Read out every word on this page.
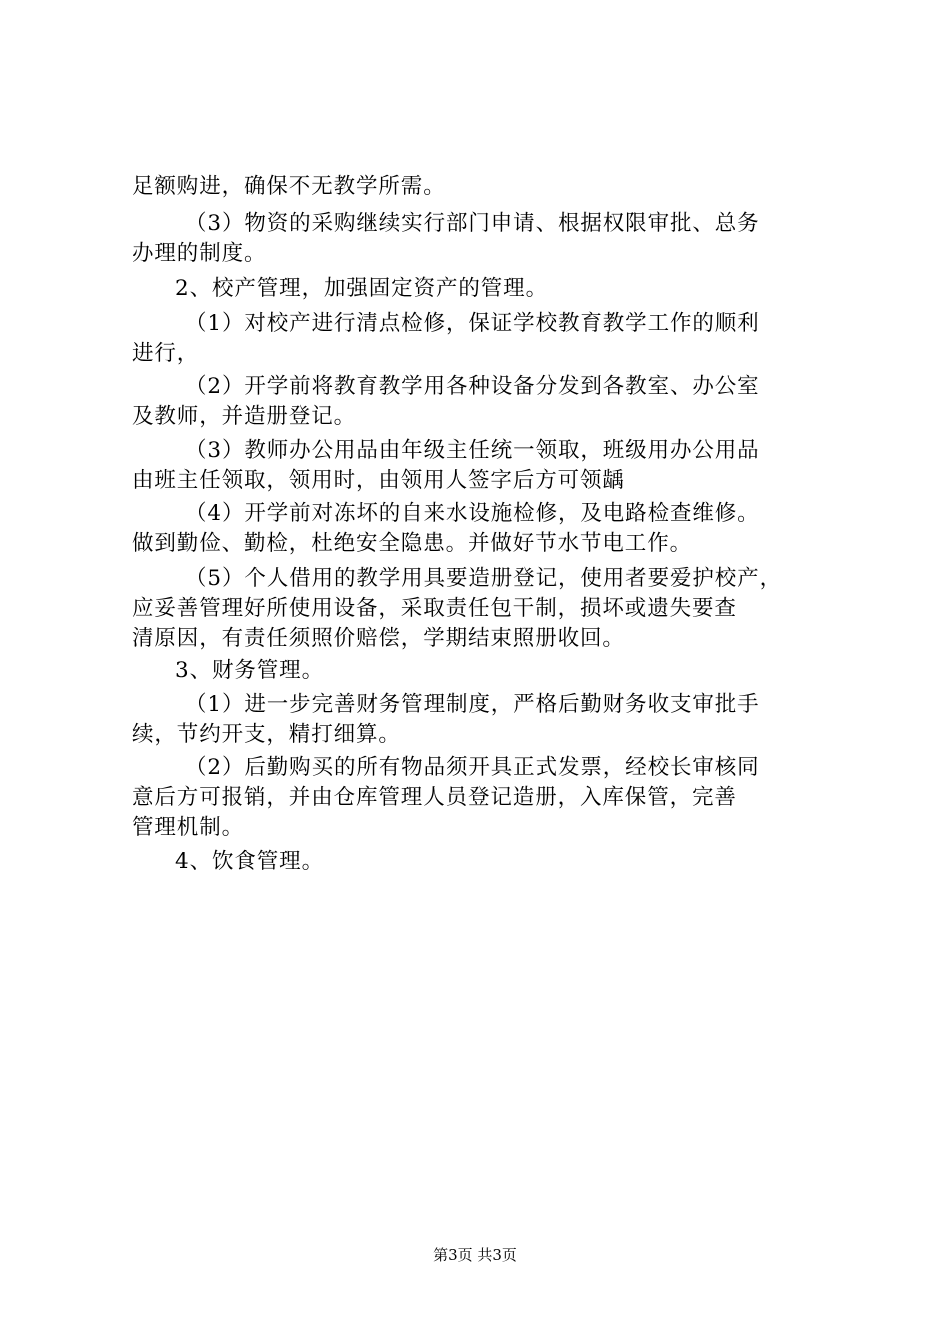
足额购进，确保不无教学所需。
（3）物资的采购继续实行部门申请、根据权限审批、总务
办理的制度。
2、校产管理，加强固定资产的管理。
（1）对校产进行清点检修，保证学校教育教学工作的顺利
进行，
（2）开学前将教育教学用各种设备分发到各教室、办公室
及教师，并造册登记。
（3）教师办公用品由年级主任统一领取，班级用办公用品
由班主任领取，领用时，由领用人签字后方可领龋
（4）开学前对冻坏的自来水设施检修，及电路检查维修。
做到勤俭、勤检，杜绝安全隐患。并做好节水节电工作。
（5）个人借用的教学用具要造册登记，使用者要爱护校产，
应妥善管理好所使用设备，采取责任包干制，损坏或遗失要查
清原因，有责任须照价赔偿，学期结束照册收回。
3、财务管理。
（1）进一步完善财务管理制度，严格后勤财务收支审批手
续，节约开支，精打细算。
（2）后勤购买的所有物品须开具正式发票，经校长审核同
意后方可报销，并由仓库管理人员登记造册，入库保管，完善
管理机制。
4、饮食管理。
第3页 共3页
